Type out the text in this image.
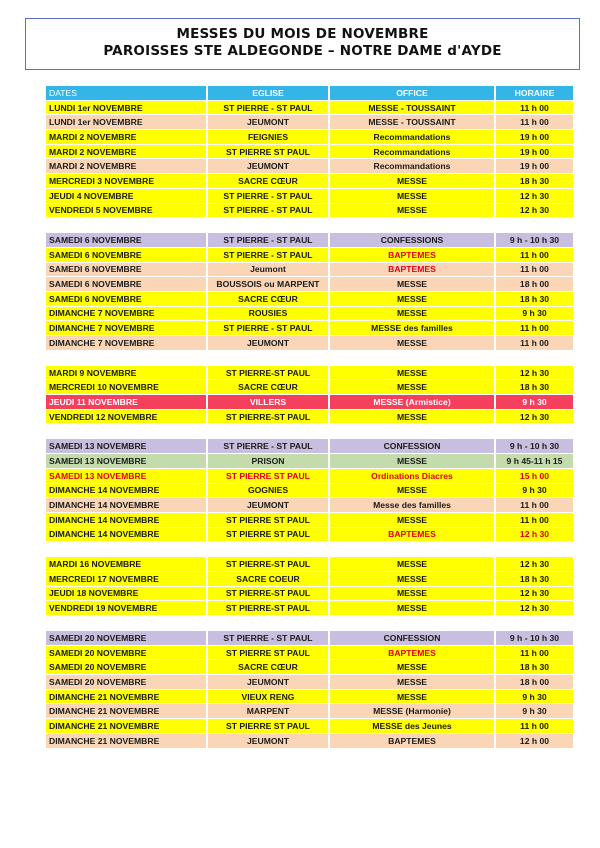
MESSES DU MOIS DE NOVEMBRE
PAROISSES STE ALDEGONDE – NOTRE DAME d'AYDE
DATES	EGLISE	OFFICE	HORAIRE
LUNDI 1er NOVEMBRE	ST PIERRE - ST PAUL	MESSE - TOUSSAINT	11 h 00
LUNDI 1er NOVEMBRE	JEUMONT	MESSE - TOUSSAINT	11 h 00
MARDI 2 NOVEMBRE	FEIGNIES	Recommandations	19 h 00
MARDI 2 NOVEMBRE	ST PIERRE ST PAUL	Recommandations	19 h 00
MARDI 2 NOVEMBRE	JEUMONT	Recommandations	19 h 00
MERCREDI 3 NOVEMBRE	SACRE CŒUR	MESSE	18 h 30
JEUDI 4 NOVEMBRE	ST PIERRE - ST PAUL	MESSE	12 h 30
VENDREDI 5 NOVEMBRE	ST PIERRE - ST PAUL	MESSE	12 h 30

SAMEDI 6 NOVEMBRE	ST PIERRE - ST PAUL	CONFESSIONS	9 h - 10 h 30
SAMEDI 6 NOVEMBRE	ST PIERRE - ST PAUL	BAPTEMES	11 h 00
SAMEDI 6 NOVEMBRE	Jeumont	BAPTEMES	11 h 00
SAMEDI 6 NOVEMBRE	BOUSSOIS ou MARPENT	MESSE	18 h 00
SAMEDI 6 NOVEMBRE	SACRE CŒUR	MESSE	18 h 30
DIMANCHE 7 NOVEMBRE	ROUSIES	MESSE	9 h 30
DIMANCHE 7 NOVEMBRE	ST PIERRE - ST PAUL	MESSE des familles	11 h 00
DIMANCHE 7 NOVEMBRE	JEUMONT	MESSE	11 h 00

MARDI 9 NOVEMBRE	ST PIERRE-ST PAUL	MESSE	12 h 30
MERCREDI 10 NOVEMBRE	SACRE CŒUR	MESSE	18 h 30
JEUDI 11 NOVEMBRE	VILLERS	MESSE (Armistice)	9 h 30
VENDREDI 12 NOVEMBRE	ST PIERRE-ST PAUL	MESSE	12 h 30

SAMEDI 13 NOVEMBRE	ST PIERRE - ST PAUL	CONFESSION	9 h - 10 h 30
SAMEDI 13 NOVEMBRE	PRISON	MESSE	9 h 45-11 h 15
SAMEDI 13 NOVEMBRE	ST PIERRE ST PAUL	Ordinations Diacres	15 h 00
DIMANCHE 14 NOVEMBRE	GOGNIES	MESSE	9 h 30
DIMANCHE 14 NOVEMBRE	JEUMONT	Messe des familles	11 h 00
DIMANCHE 14 NOVEMBRE	ST PIERRE ST PAUL	MESSE	11 h 00
DIMANCHE 14 NOVEMBRE	ST PIERRE ST PAUL	BAPTEMES	12 h 30

MARDI 16 NOVEMBRE	ST PIERRE-ST PAUL	MESSE	12 h 30
MERCREDI 17 NOVEMBRE	SACRE COEUR	MESSE	18 h 30
JEUDI 18 NOVEMBRE	ST PIERRE-ST PAUL	MESSE	12 h 30
VENDREDI 19 NOVEMBRE	ST PIERRE-ST PAUL	MESSE	12 h 30

SAMEDI 20 NOVEMBRE	ST PIERRE - ST PAUL	CONFESSION	9 h - 10 h 30
SAMEDI 20 NOVEMBRE	ST PIERRE ST PAUL	BAPTEMES	11 h 00
SAMEDI 20 NOVEMBRE	SACRE CŒUR	MESSE	18 h 30
SAMEDI 20 NOVEMBRE	JEUMONT	MESSE	18 h 00
DIMANCHE 21 NOVEMBRE	VIEUX RENG	MESSE	9 h 30
DIMANCHE 21 NOVEMBRE	MARPENT	MESSE (Harmonie)	9 h 30
DIMANCHE 21 NOVEMBRE	ST PIERRE ST PAUL	MESSE des Jeunes	11 h 00
DIMANCHE 21 NOVEMBRE	JEUMONT	BAPTEMES	12 h 00
